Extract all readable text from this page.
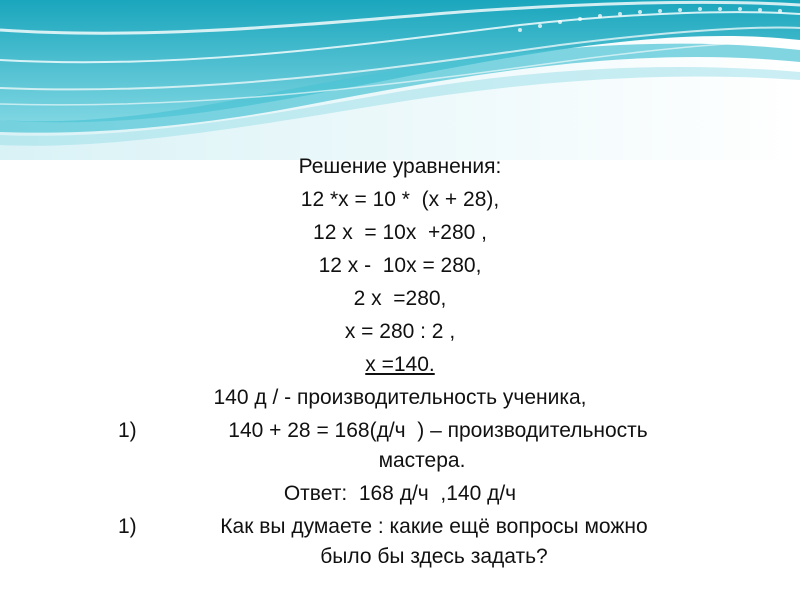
Решение уравнения:
12 *х = 10 *  (х + 28),
12 х  = 10х  +280 ,
12 х -  10х = 280,
2 х  =280,
х = 280 : 2 ,
х =140.
140 д / - производительность ученика,
1)	140 + 28 = 168(д/ч  ) – производительность
мастера.
Ответ:  168 д/ч  ,140 д/ч
1)	Как вы думаете : какие ещё вопросы можно
было бы здесь задать?
